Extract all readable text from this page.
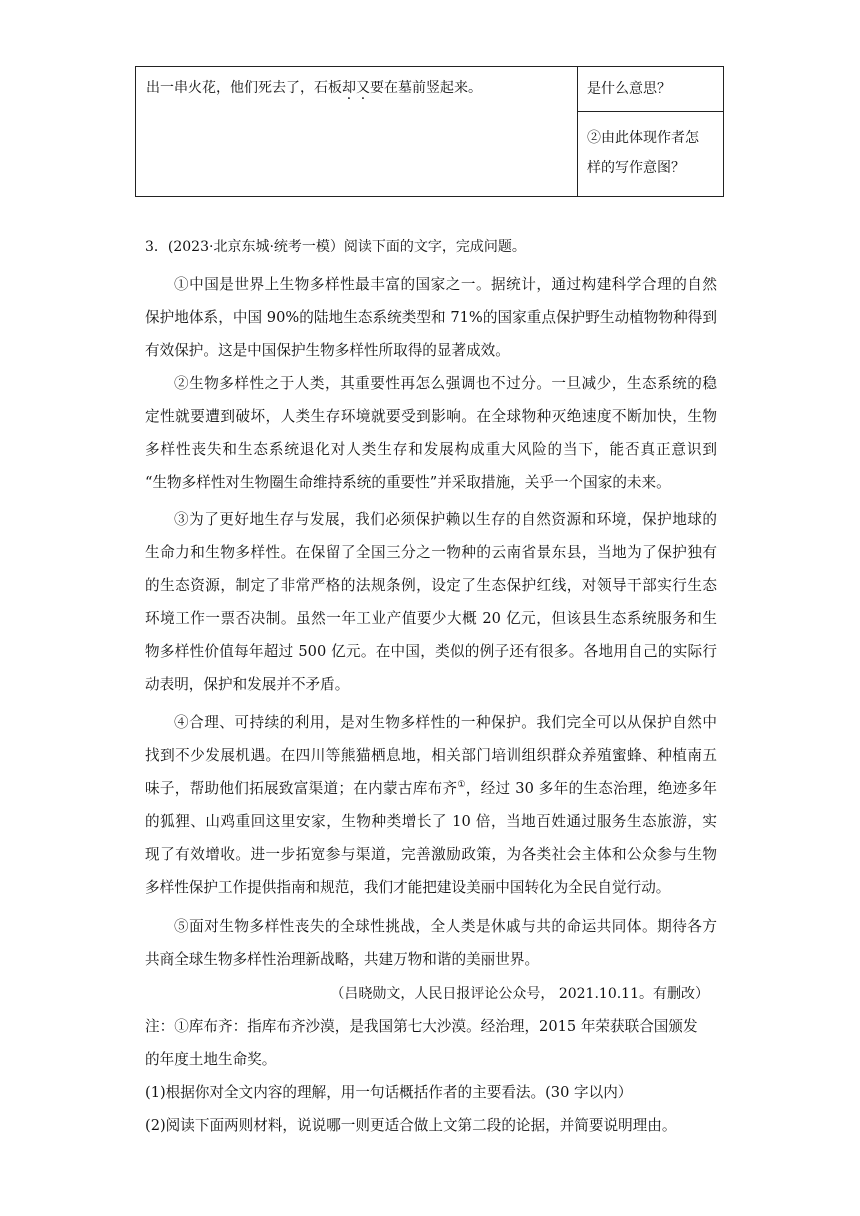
出一串火花，他们死去了，石板却又要在墓前竖起来。	是什么意思？
②由此体现作者怎
样的写作意图？
3．(2023·北京东城·统考一模）阅读下面的文字，完成问题。
①中国是世界上生物多样性最丰富的国家之一。据统计，通过构建科学合理的自然
保护地体系，中国 90%的陆地生态系统类型和 71%的国家重点保护野生动植物物种得到
有效保护。这是中国保护生物多样性所取得的显著成效。
②生物多样性之于人类，其重要性再怎么强调也不过分。一旦减少，生态系统的稳
定性就要遭到破坏，人类生存环境就要受到影响。在全球物种灭绝速度不断加快，生物
多样性丧失和生态系统退化对人类生存和发展构成重大风险的当下，能否真正意识到
“生物多样性对生物圈生命维持系统的重要性”并采取措施，关乎一个国家的未来。
③为了更好地生存与发展，我们必须保护赖以生存的自然资源和环境，保护地球的
生命力和生物多样性。在保留了全国三分之一物种的云南省景东县，当地为了保护独有
的生态资源，制定了非常严格的法规条例，设定了生态保护红线，对领导干部实行生态
环境工作一票否决制。虽然一年工业产值要少大概 20 亿元，但该县生态系统服务和生
物多样性价值每年超过 500 亿元。在中国，类似的例子还有很多。各地用自己的实际行
动表明，保护和发展并不矛盾。
④合理、可持续的利用，是对生物多样性的一种保护。我们完全可以从保护自然中
找到不少发展机遇。在四川等熊猫栖息地，相关部门培训组织群众养殖蜜蜂、种植南五
味子，帮助他们拓展致富渠道；在内蒙古库布齐①，经过 30 多年的生态治理，绝迹多年
的狐狸、山鸡重回这里安家，生物种类增长了 10 倍，当地百姓通过服务生态旅游，实
现了有效增收。进一步拓宽参与渠道，完善激励政策，为各类社会主体和公众参与生物
多样性保护工作提供指南和规范，我们才能把建设美丽中国转化为全民自觉行动。
⑤面对生物多样性丧失的全球性挑战，全人类是休戚与共的命运共同体。期待各方
共商全球生物多样性治理新战略，共建万物和谐的美丽世界。
（吕晓勋文，人民日报评论公众号， 2021.10.11。有删改）
注：①库布齐：指库布齐沙漠，是我国第七大沙漠。经治理，2015 年荣获联合国颁发
的年度土地生命奖。
(1)根据你对全文内容的理解，用一句话概括作者的主要看法。(30 字以内）
(2)阅读下面两则材料，说说哪一则更适合做上文第二段的论据，并简要说明理由。
